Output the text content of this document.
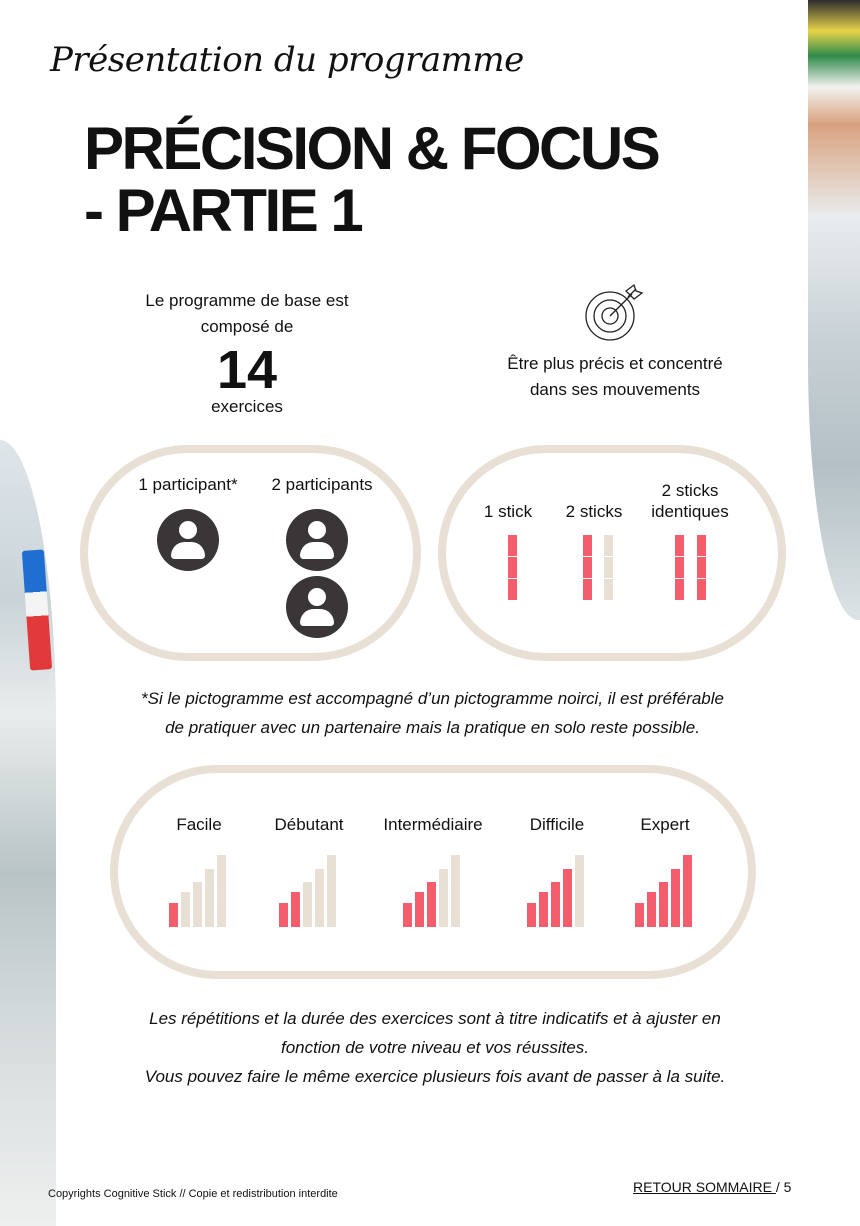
Présentation du programme
PRÉCISION & FOCUS
- PARTIE 1
Le programme de base est
composé de
14
exercices
Être plus précis et concentré
dans ses mouvements
1 participant*	2 participants
1 stick	2 sticks
2 sticks
identiques
*Si le pictogramme est accompagné d’un pictogramme noirci, il est préférable
de pratiquer avec un partenaire mais la pratique en solo reste possible.
Facile	Débutant	Intermédiaire	Difficile	Expert
Les répétitions et la durée des exercices sont à titre indicatifs et à ajuster en
fonction de votre niveau et vos réussites.
Vous pouvez faire le même exercice plusieurs fois avant de passer à la suite.
Copyrights Cognitive Stick // Copie et redistribution interdite	RETOUR SOMMAIRE / 5
